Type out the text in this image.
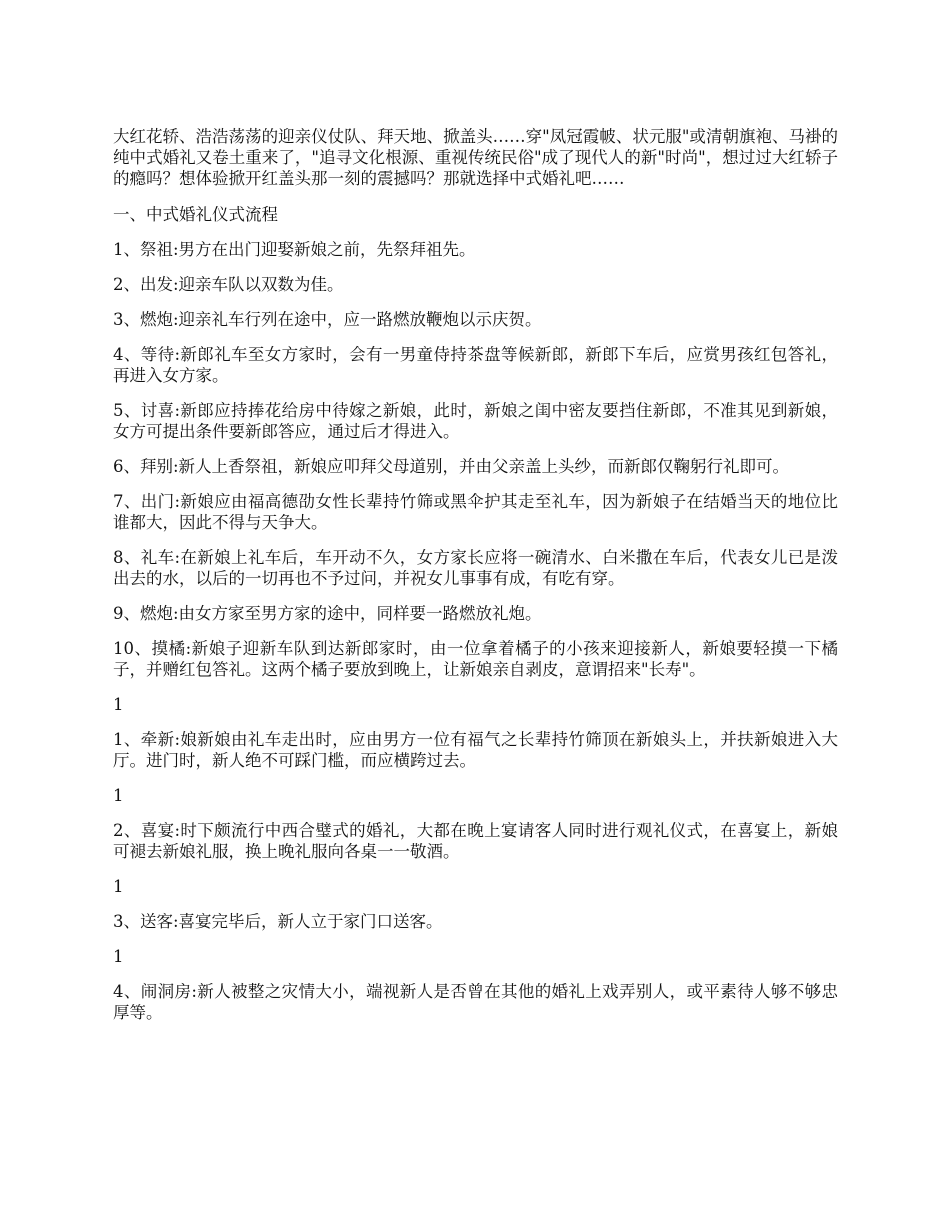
大红花轿、浩浩荡荡的迎亲仪仗队、拜天地、掀盖头……穿"凤冠霞帔、状元服"或清朝旗袍、马褂的纯中式婚礼又卷土重来了，"追寻文化根源、重视传统民俗"成了现代人的新"时尚"，想过过大红轿子的瘾吗？想体验掀开红盖头那一刻的震撼吗？那就选择中式婚礼吧……

一、中式婚礼仪式流程

1、祭祖:男方在出门迎娶新娘之前，先祭拜祖先。

2、出发:迎亲车队以双数为佳。

3、燃炮:迎亲礼车行列在途中，应一路燃放鞭炮以示庆贺。

4、等待:新郎礼车至女方家时，会有一男童侍持茶盘等候新郎，新郎下车后，应赏男孩红包答礼，再进入女方家。

5、讨喜:新郎应持捧花给房中待嫁之新娘，此时，新娘之闺中密友要挡住新郎，不准其见到新娘，女方可提出条件要新郎答应，通过后才得进入。

6、拜别:新人上香祭祖，新娘应叩拜父母道别，并由父亲盖上头纱，而新郎仅鞠躬行礼即可。

7、出门:新娘应由福高德劭女性长辈持竹筛或黑伞护其走至礼车，因为新娘子在结婚当天的地位比谁都大，因此不得与天争大。

8、礼车:在新娘上礼车后，车开动不久，女方家长应将一碗清水、白米撒在车后，代表女儿已是泼出去的水，以后的一切再也不予过问，并祝女儿事事有成，有吃有穿。

9、燃炮:由女方家至男方家的途中，同样要一路燃放礼炮。

10、摸橘:新娘子迎新车队到达新郎家时，由一位拿着橘子的小孩来迎接新人，新娘要轻摸一下橘子，并赠红包答礼。这两个橘子要放到晚上，让新娘亲自剥皮，意谓招来"长寿"。

1

1、牵新:娘新娘由礼车走出时，应由男方一位有福气之长辈持竹筛顶在新娘头上，并扶新娘进入大厅。进门时，新人绝不可踩门槛，而应横跨过去。

1

2、喜宴:时下颇流行中西合璧式的婚礼，大都在晚上宴请客人同时进行观礼仪式，在喜宴上，新娘可褪去新娘礼服，换上晚礼服向各桌一一敬酒。

1

3、送客:喜宴完毕后，新人立于家门口送客。

1

4、闹洞房:新人被整之灾情大小，端视新人是否曾在其他的婚礼上戏弄别人，或平素待人够不够忠厚等。
